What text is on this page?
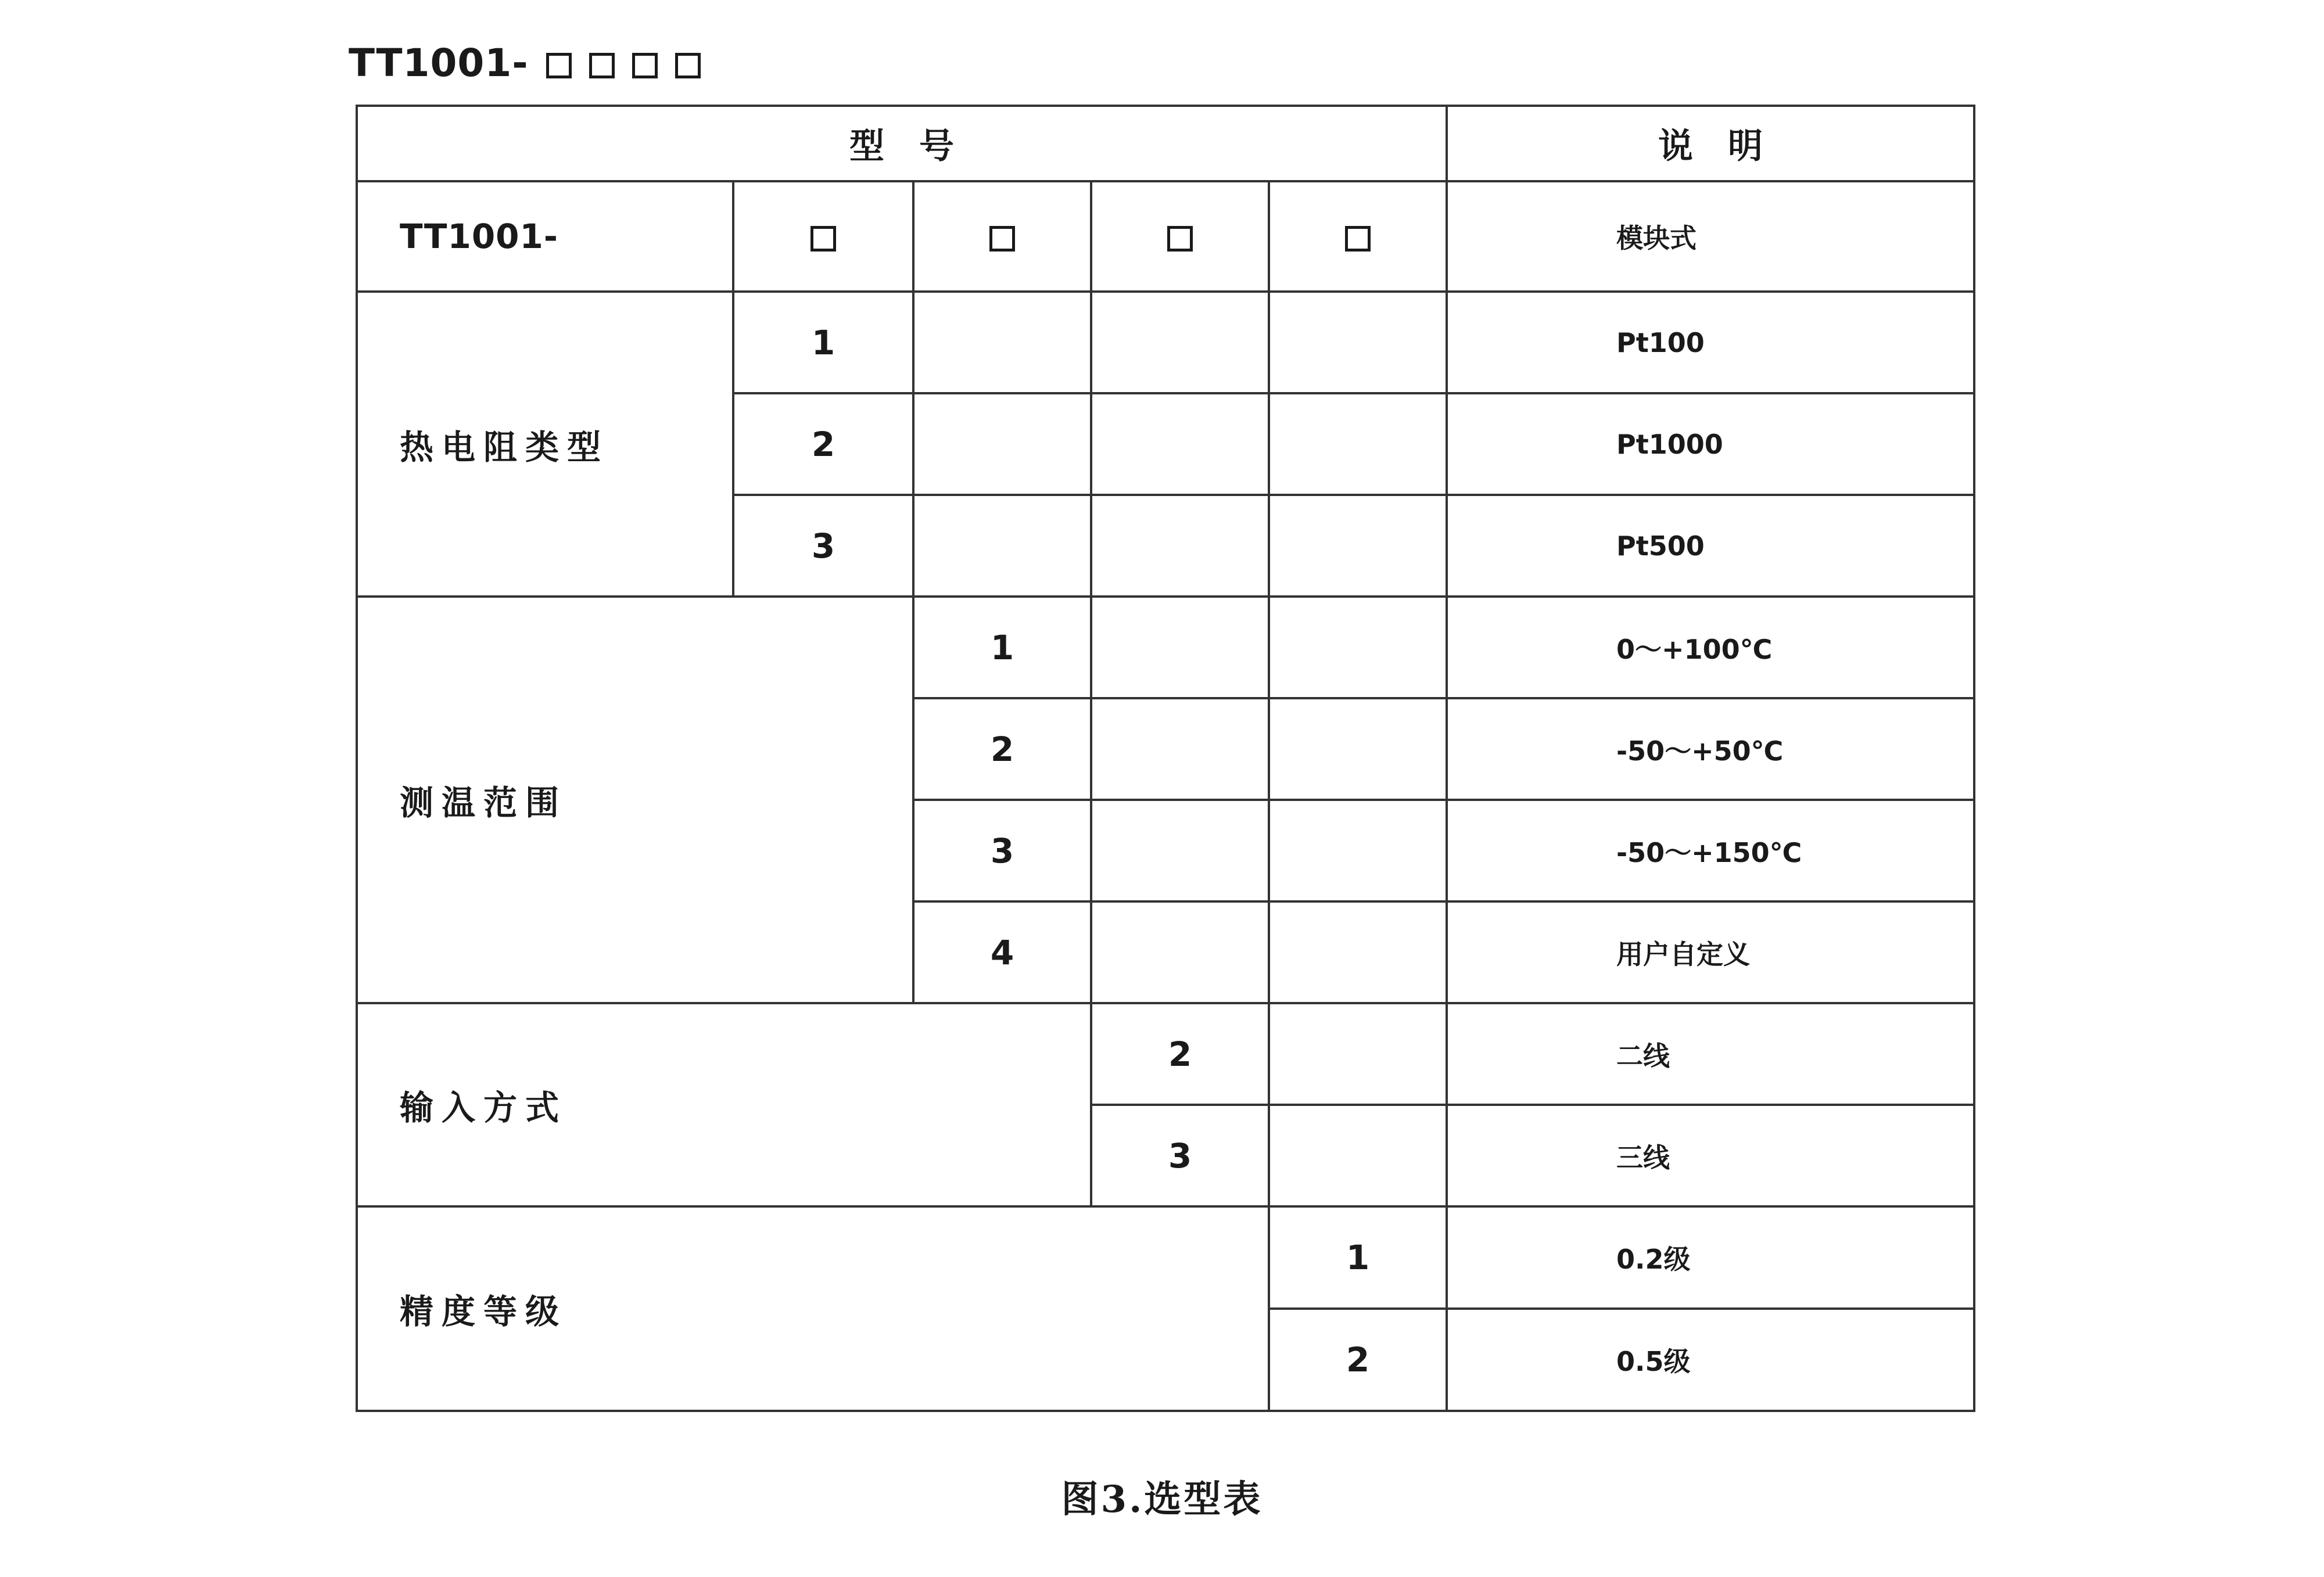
TT1001-
型　号					说　明
TT1001-					模块式
热电阻类型	1				Pt100
	2				Pt1000
	3				Pt500
测温范围		1			0～+100℃
		2			-50～+50℃
		3			-50～+150℃
		4			用户自定义
输入方式			2		二线
			3		三线
精度等级				1	0.2级
				2	0.5级
图3.选型表
